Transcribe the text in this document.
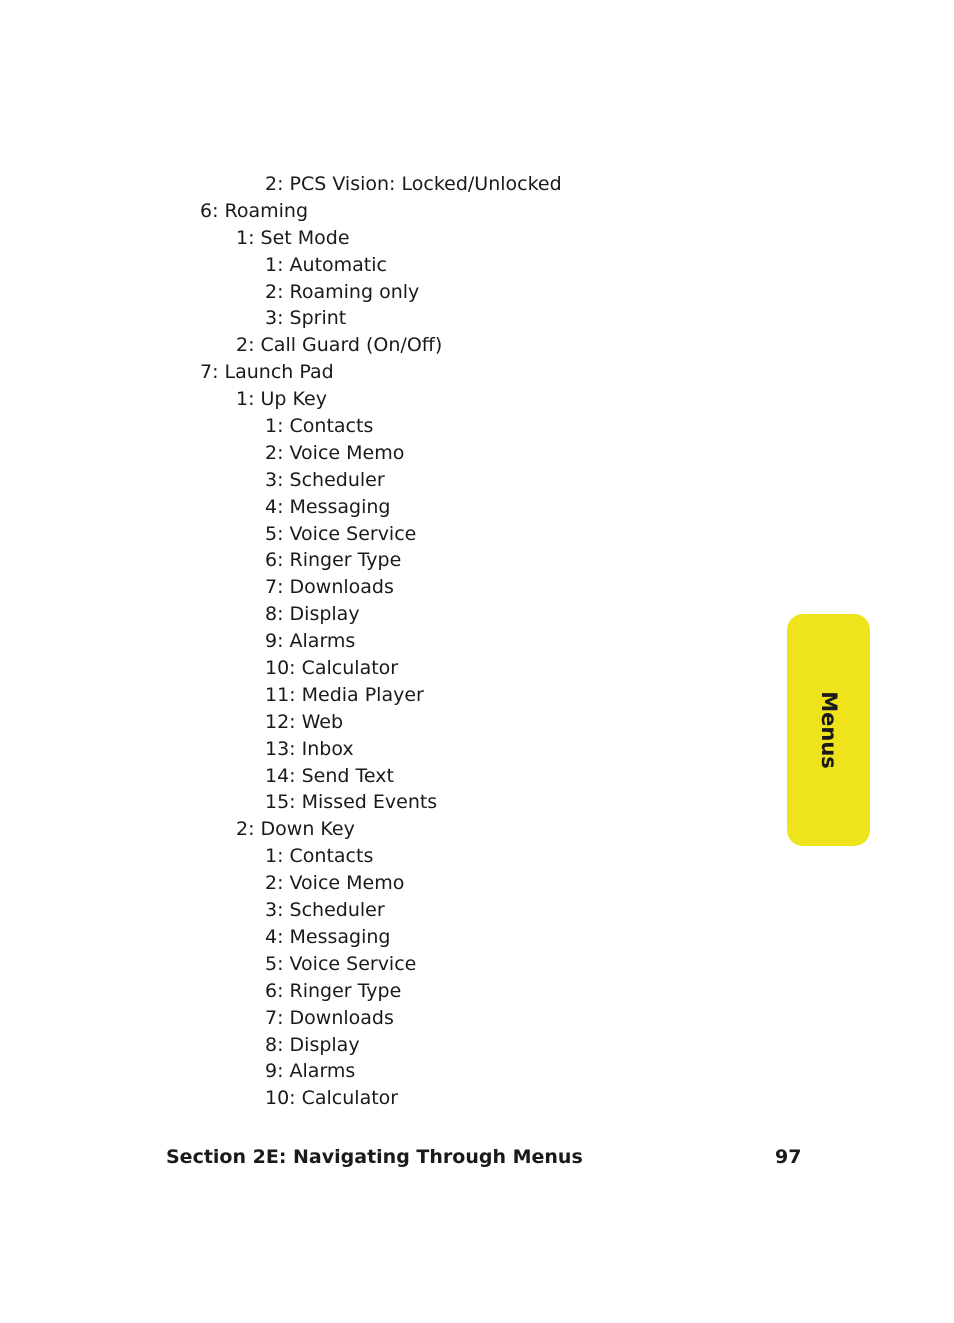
2: PCS Vision: Locked/Unlocked
6: Roaming
1: Set Mode
1: Automatic
2: Roaming only
3: Sprint
2: Call Guard (On/Off)
7: Launch Pad
1: Up Key
1: Contacts
2: Voice Memo
3: Scheduler
4: Messaging
5: Voice Service
6: Ringer Type
7: Downloads
8: Display
9: Alarms
10: Calculator
11: Media Player
12: Web
13: Inbox
14: Send Text
15: Missed Events
2: Down Key
1: Contacts
2: Voice Memo
3: Scheduler
4: Messaging
5: Voice Service
6: Ringer Type
7: Downloads
8: Display
9: Alarms
10: Calculator
Menus
Section 2E: Navigating Through Menus	97
